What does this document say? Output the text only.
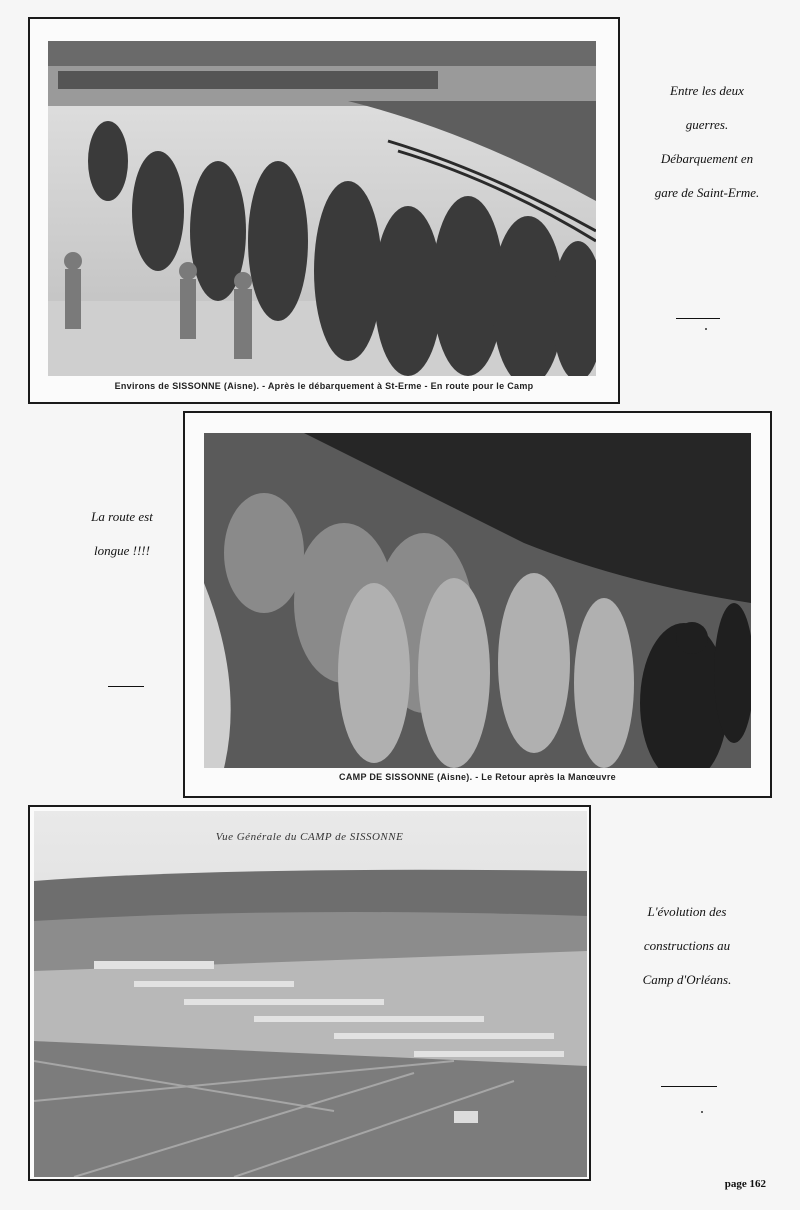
Environs de SISSONNE (Aisne). - Après le débarquement à St-Erme - En route pour le Camp
Entre les deux
guerres.
Débarquement en
gare de Saint-Erme.
CAMP DE SISSONNE (Aisne). - Le Retour après la Manœuvre
La route est
longue !!!!
Vue Générale du CAMP de SISSONNE
L'évolution des
constructions au
Camp d'Orléans.
page 162
